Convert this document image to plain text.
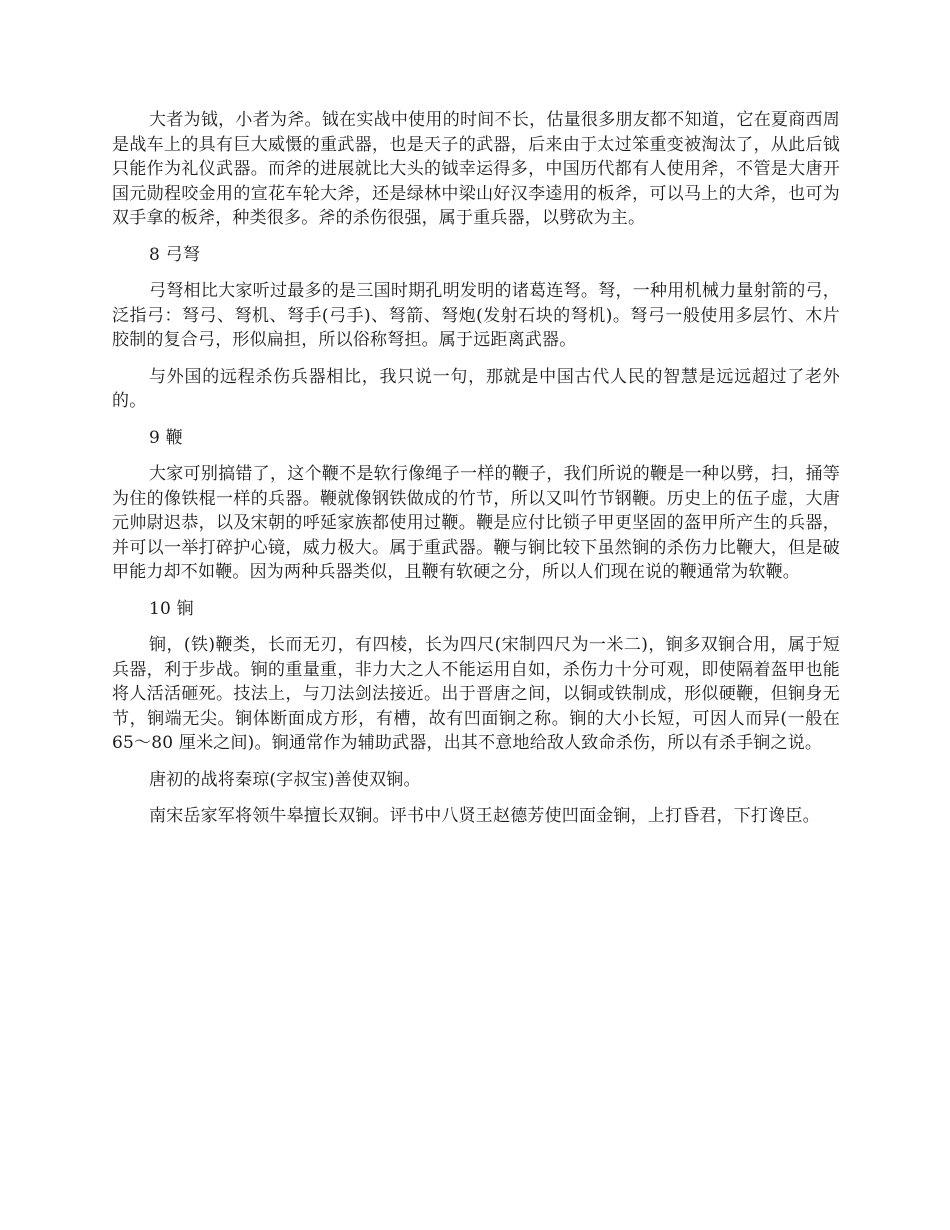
大者为钺，小者为斧。钺在实战中使用的时间不长，估量很多朋友都不知道，它在夏商西周是战车上的具有巨大威慑的重武器，也是天子的武器，后来由于太过笨重变被淘汰了，从此后钺只能作为礼仪武器。而斧的进展就比大头的钺幸运得多，中国历代都有人使用斧，不管是大唐开国元勋程咬金用的宣花车轮大斧，还是绿林中梁山好汉李逵用的板斧，可以马上的大斧，也可为双手拿的板斧，种类很多。斧的杀伤很强，属于重兵器，以劈砍为主。

8 弓弩

弓弩相比大家听过最多的是三国时期孔明发明的诸葛连弩。弩，一种用机械力量射箭的弓，泛指弓：弩弓、弩机、弩手(弓手)、弩箭、弩炮(发射石块的弩机)。弩弓一般使用多层竹、木片胶制的复合弓，形似扁担，所以俗称弩担。属于远距离武器。

与外国的远程杀伤兵器相比，我只说一句，那就是中国古代人民的智慧是远远超过了老外的。

9 鞭

大家可别搞错了，这个鞭不是软行像绳子一样的鞭子，我们所说的鞭是一种以劈，扫，捅等为住的像铁棍一样的兵器。鞭就像钢铁做成的竹节，所以又叫竹节钢鞭。历史上的伍子虚，大唐元帅尉迟恭，以及宋朝的呼延家族都使用过鞭。鞭是应付比锁子甲更坚固的盔甲所产生的兵器，并可以一举打碎护心镜，威力极大。属于重武器。鞭与锏比较下虽然锏的杀伤力比鞭大，但是破甲能力却不如鞭。因为两种兵器类似，且鞭有软硬之分，所以人们现在说的鞭通常为软鞭。

10 锏

锏，(铁)鞭类，长而无刃，有四棱，长为四尺(宋制四尺为一米二)，锏多双锏合用，属于短兵器，利于步战。锏的重量重，非力大之人不能运用自如，杀伤力十分可观，即使隔着盔甲也能将人活活砸死。技法上，与刀法剑法接近。出于晋唐之间，以铜或铁制成，形似硬鞭，但锏身无节，锏端无尖。锏体断面成方形，有槽，故有凹面锏之称。锏的大小长短，可因人而异(一般在 65～80 厘米之间)。锏通常作为辅助武器，出其不意地给敌人致命杀伤，所以有杀手锏之说。

唐初的战将秦琼(字叔宝)善使双锏。

南宋岳家军将领牛皋擅长双锏。评书中八贤王赵德芳使凹面金锏，上打昏君，下打谗臣。
